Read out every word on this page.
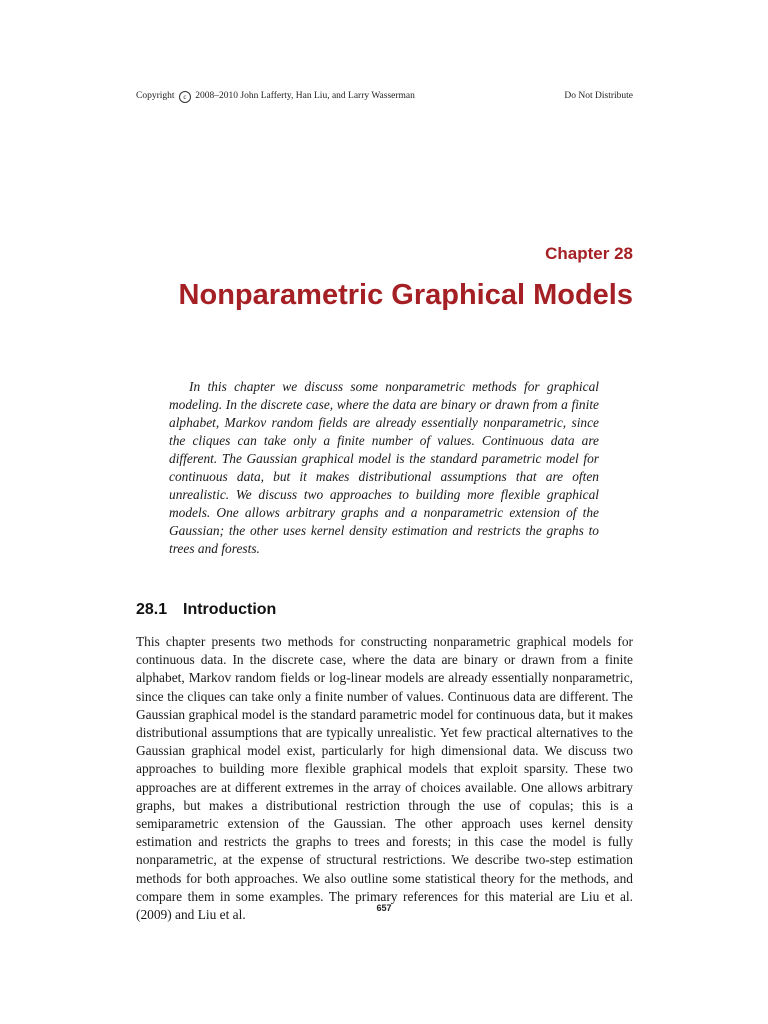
Copyright c 2008–2010 John Lafferty, Han Liu, and Larry Wasserman	Do Not Distribute
Chapter 28
Nonparametric Graphical Models

In this chapter we discuss some nonparametric methods for graphical modeling. In the discrete case, where the data are binary or drawn from a finite alphabet, Markov random fields are already essentially nonparametric, since the cliques can take only a finite number of values. Continuous data are different. The Gaussian graphical model is the standard parametric model for continuous data, but it makes distributional assumptions that are often unrealistic. We discuss two approaches to building more flexible graphical models. One allows arbitrary graphs and a nonparametric extension of the Gaussian; the other uses kernel density estimation and restricts the graphs to trees and forests.

28.1 Introduction

This chapter presents two methods for constructing nonparametric graphical models for continuous data. In the discrete case, where the data are binary or drawn from a finite alphabet, Markov random fields or log-linear models are already essentially nonparametric, since the cliques can take only a finite number of values. Continuous data are different. The Gaussian graphical model is the standard parametric model for continuous data, but it makes distributional assumptions that are typically unrealistic. Yet few practical alternatives to the Gaussian graphical model exist, particularly for high dimensional data. We discuss two approaches to building more flexible graphical models that exploit sparsity. These two approaches are at different extremes in the array of choices available. One allows arbitrary graphs, but makes a distributional restriction through the use of copulas; this is a semiparametric extension of the Gaussian. The other approach uses kernel density estimation and restricts the graphs to trees and forests; in this case the model is fully nonparametric, at the expense of structural restrictions. We describe two-step estimation methods for both approaches. We also outline some statistical theory for the methods, and compare them in some examples. The primary references for this material are Liu et al. (2009) and Liu et al.	657
